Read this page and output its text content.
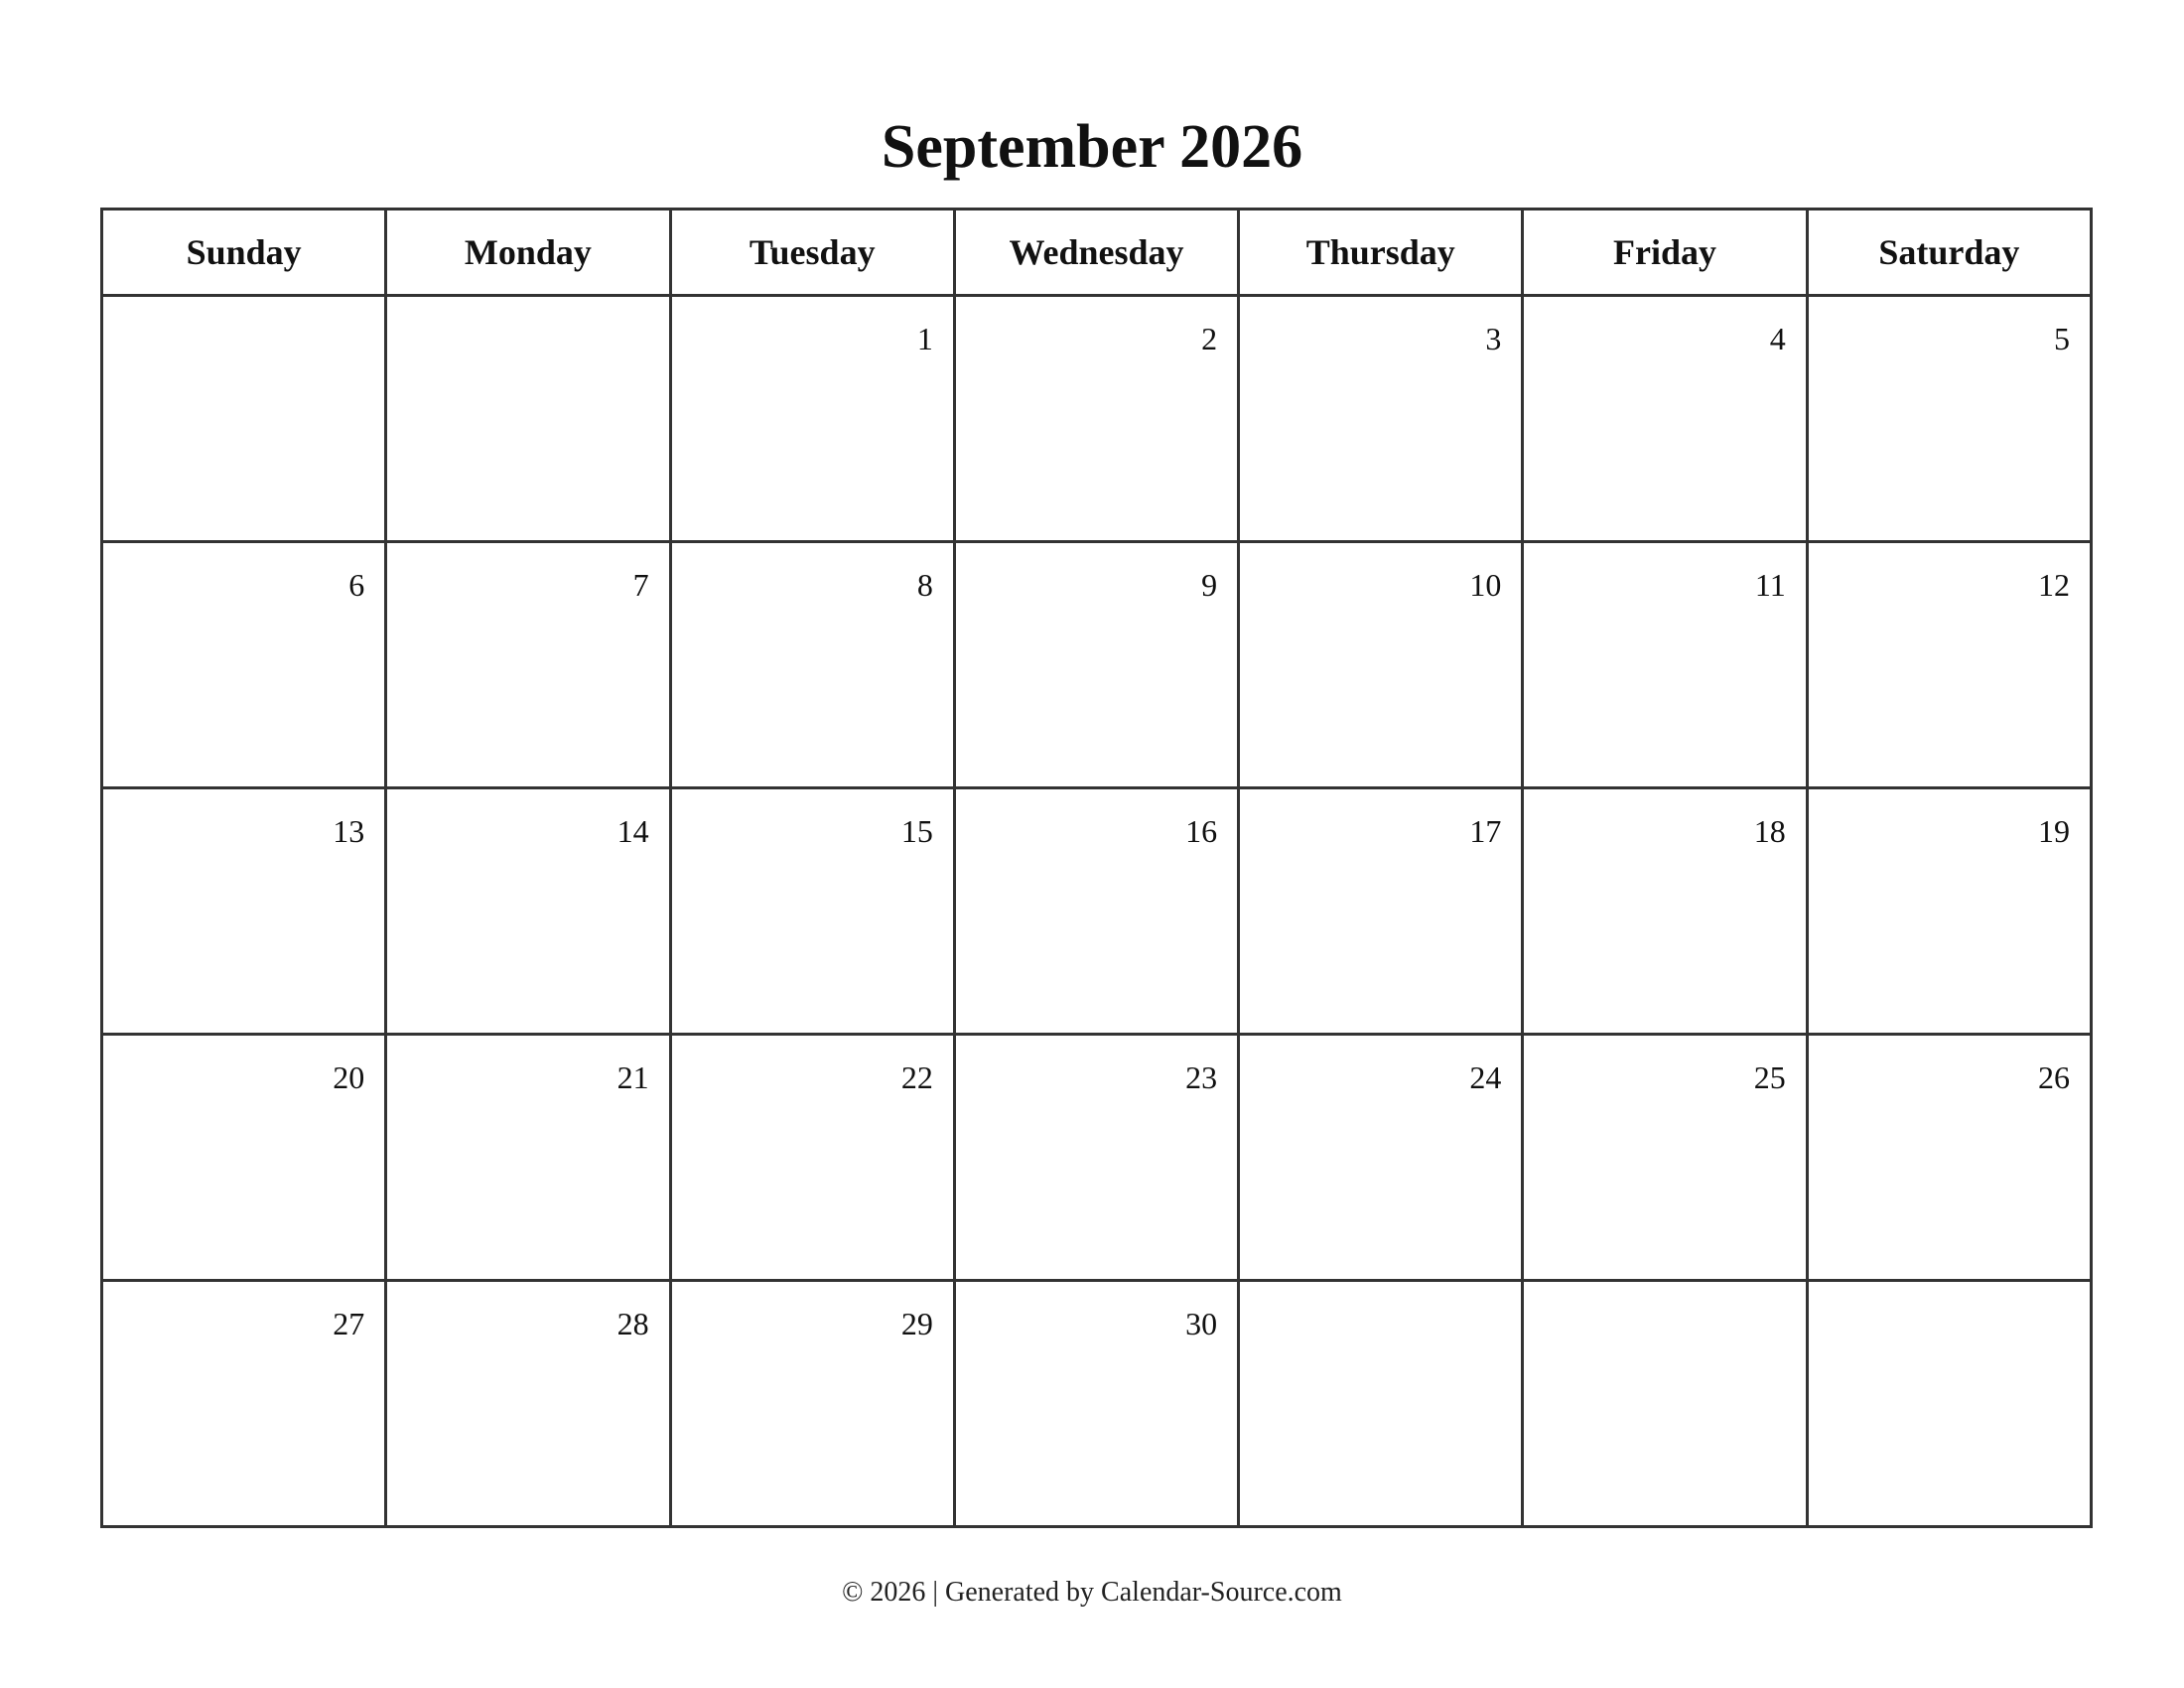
September 2026
Sunday	Monday	Tuesday	Wednesday	Thursday	Friday	Saturday

		1	2	3	4	5

6	7	8	9	10	11	12

13	14	15	16	17	18	19

20	21	22	23	24	25	26

27	28	29	30			

© 2026 | Generated by Calendar-Source.com
